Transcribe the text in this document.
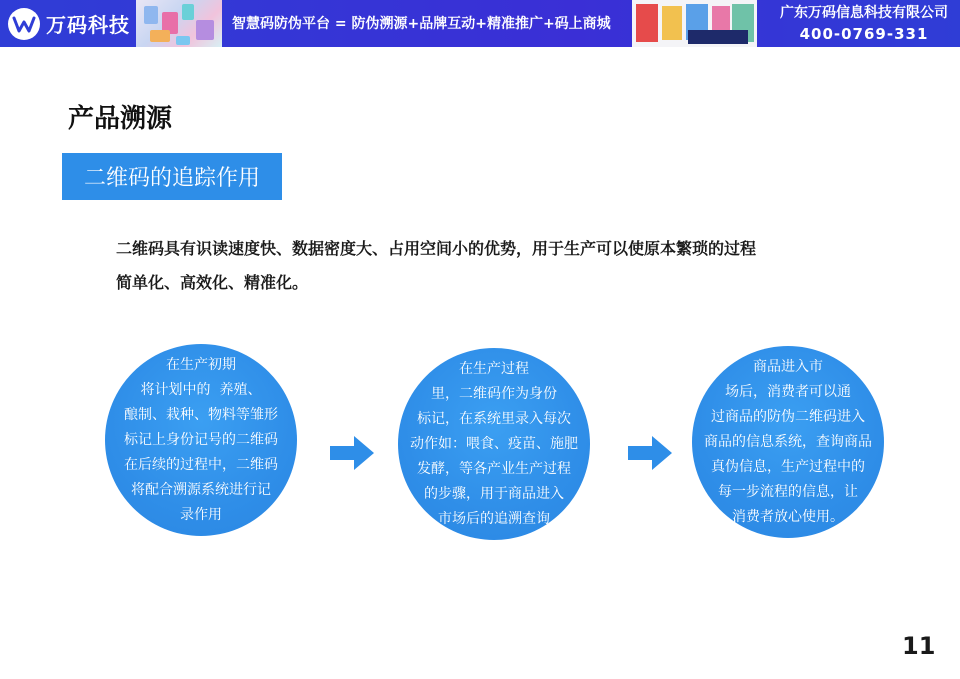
万码科技	智慧码防伪平台 = 防伪溯源+品牌互动+精准推广+码上商城
广东万码信息科技有限公司
400-0769-331
产品溯源
二维码的追踪作用
二维码具有识读速度快、数据密度大、占用空间小的优势，用于生产可以使原本繁琐的过程
简单化、高效化、精准化。
在生产初期
将计划中的  养殖、
酿制、栽种、物料等雏形
标记上身份记号的二维码
在后续的过程中，二维码
将配合溯源系统进行记
录作用
在生产过程
里，二维码作为身份
标记，在系统里录入每次
动作如：喂食、疫苗、施肥
发酵，等各产业生产过程
的步骤，用于商品进入
市场后的追溯查询
商品进入市
场后，消费者可以通
过商品的防伪二维码进入
商品的信息系统，查询商品
真伪信息，生产过程中的
每一步流程的信息，让
消费者放心使用。
11
